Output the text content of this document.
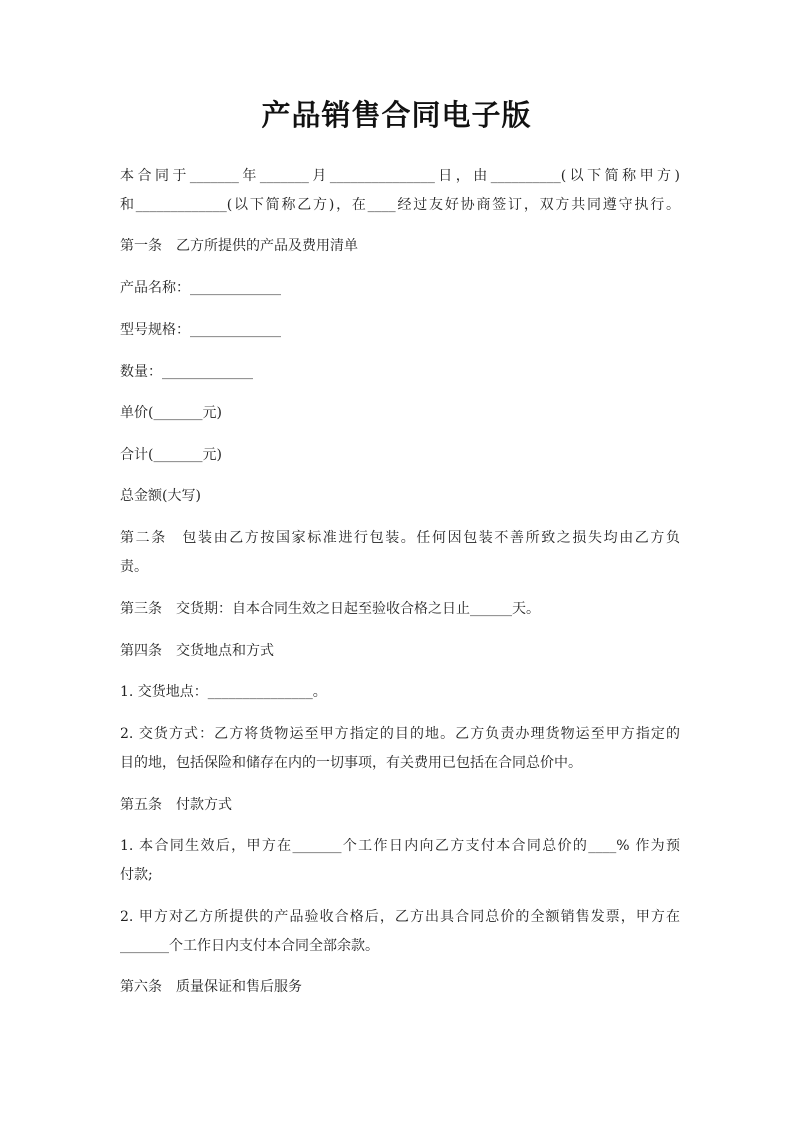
产品销售合同电子版
本合同于_______年_______月_______________日，由__________(以下简称甲方)
和_____________(以下简称乙方)，在____经过友好协商签订，双方共同遵守执行。
第一条　乙方所提供的产品及费用清单
产品名称：_____________
型号规格：_____________
数量：_____________
单价(_______元)
合计(_______元)
总金额(大写)
第二条　包装由乙方按国家标准进行包装。任何因包装不善所致之损失均由乙方负
责。
第三条　交货期：自本合同生效之日起至验收合格之日止______天。
第四条　交货地点和方式
1. 交货地点：_______________。
2. 交货方式：乙方将货物运至甲方指定的目的地。乙方负责办理货物运至甲方指定的
目的地，包括保险和储存在内的一切事项，有关费用已包括在合同总价中。
第五条　付款方式
1. 本合同生效后，甲方在_______个工作日内向乙方支付本合同总价的____% 作为预
付款;
2. 甲方对乙方所提供的产品验收合格后，乙方出具合同总价的全额销售发票，甲方在
_______个工作日内支付本合同全部余款。
第六条　质量保证和售后服务
